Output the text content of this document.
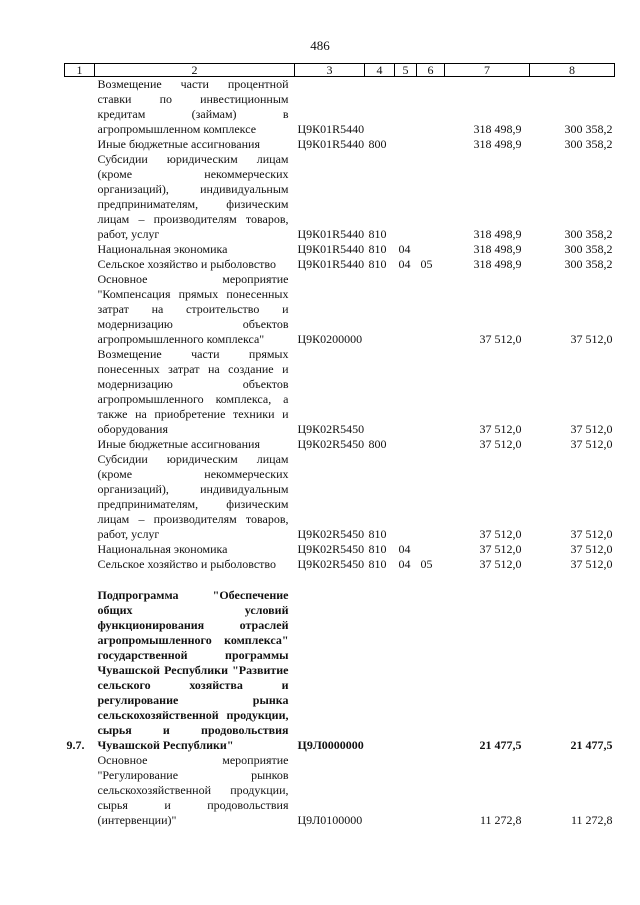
486
1	2	3	4	5	6	7	8
	Возмещение части процентной ставки по инвестиционным кредитам (займам) в агропромышленном комплексе	Ц9К01R5440				318 498,9	300 358,2
	Иные бюджетные ассигнования	Ц9К01R5440	800			318 498,9	300 358,2
	Субсидии юридическим лицам (кроме некоммерческих организаций), индивидуальным предпринимателям, физическим лицам – производителям товаров, работ, услуг	Ц9К01R5440	810			318 498,9	300 358,2
	Национальная экономика	Ц9К01R5440	810	04		318 498,9	300 358,2
	Сельское хозяйство и рыболовство	Ц9К01R5440	810	04	05	318 498,9	300 358,2
	Основное мероприятие "Компенсация прямых понесенных затрат на строительство и модернизацию объектов агропромышленного комплекса"	Ц9К0200000				37 512,0	37 512,0
	Возмещение части прямых понесенных затрат на создание и модернизацию объектов агропромышленного комплекса, а также на приобретение техники и оборудования	Ц9К02R5450				37 512,0	37 512,0
	Иные бюджетные ассигнования	Ц9К02R5450	800			37 512,0	37 512,0
	Субсидии юридическим лицам (кроме некоммерческих организаций), индивидуальным предпринимателям, физическим лицам – производителям товаров, работ, услуг	Ц9К02R5450	810			37 512,0	37 512,0
	Национальная экономика	Ц9К02R5450	810	04		37 512,0	37 512,0
	Сельское хозяйство и рыболовство	Ц9К02R5450	810	04	05	37 512,0	37 512,0
9.7.	Подпрограмма "Обеспечение общих условий функционирования отраслей агропромышленного комплекса" государственной программы Чувашской Республики "Развитие сельского хозяйства и регулирование рынка сельскохозяйственной продукции, сырья и продовольствия Чувашской Республики"	Ц9Л0000000				21 477,5	21 477,5
	Основное мероприятие "Регулирование рынков сельскохозяйственной продукции, сырья и продовольствия (интервенции)"	Ц9Л0100000				11 272,8	11 272,8
